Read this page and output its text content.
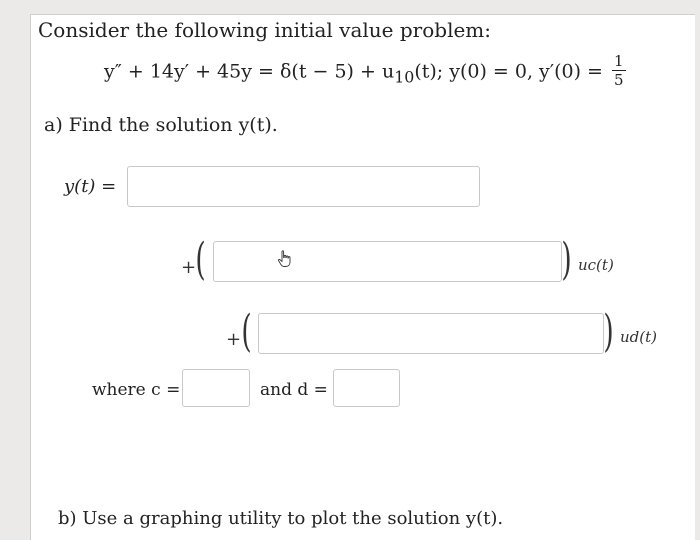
Consider the following initial value problem:
$y'' + 14y' + 45y = \delta(t - 5) + u_{10}(t)$; y(0) = 0, $y'(0) = \frac{1}{5}$
a) Find the solution y(t).
y(t) =
+ (	) uc(t)
+ (	) ud(t)
where c =	and d =
b) Use a graphing utility to plot the solution y(t).
